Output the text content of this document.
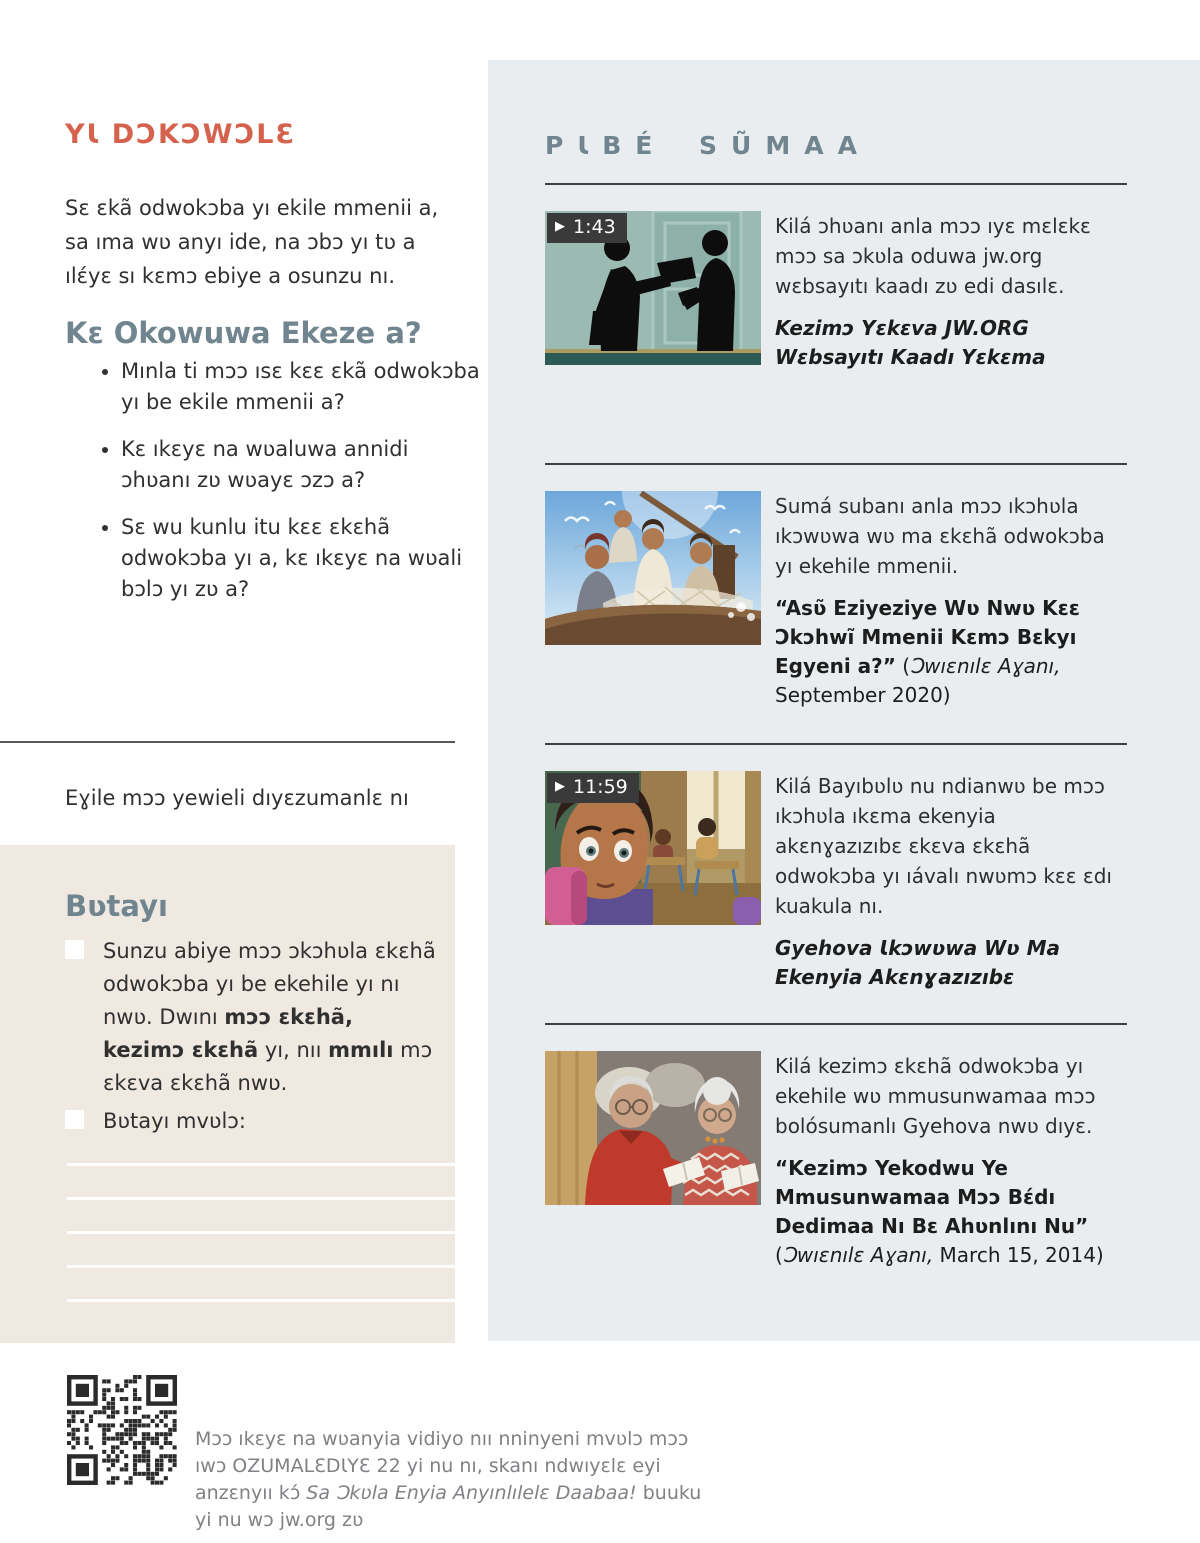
YƖ DƆKƆWƆLƐ

Sɛ ɛkã odwokɔba yı ekile mmenii a, sa ıma wʋ anyı ide, na ɔbɔ yı tʋ a ılɛ́yɛ sı kɛmɔ ebiye a osunzu nı.

Kɛ Okowuwa Ekeze a?
• Mınla ti mɔɔ ısɛ kɛɛ ɛkã odwokɔba yı be ekile mmenii a?
• Kɛ ıkɛyɛ na wʋaluwa annidi ɔhʋanı zʋ wʋayɛ ɔzɔ a?
• Sɛ wu kunlu itu kɛɛ ɛkɛhã odwokɔba yı a, kɛ ıkɛyɛ na wʋali bɔlɔ yı zʋ a?

Eɣile mɔɔ yewieli dıyɛzumanlɛ nı

Bʋtayı
Sunzu abiye mɔɔ ɔkɔhʋla ɛkɛhã odwokɔba yı be ekehile yı nı nwʋ. Dwını mɔɔ ɛkɛhã, kezimɔ ɛkɛhã yı, nıı mmılı mɔ ɛkɛva ɛkɛhã nwʋ.
Bʋtayı mvʋlɔ:
PƖBÉ SŨMAA
▶ 1:43	Kilá ɔhʋanı anla mɔɔ ıyɛ mɛlɛkɛ mɔɔ sa ɔkʋla oduwa jw.org wɛbsayıtı kaadı zʋ edi dasılɛ.

Kezimɔ Yɛkɛva JW.ORG Wɛbsayıtı Kaadı Yɛkɛma

Sumá subanı anla mɔɔ ıkɔhʋla ıkɔwʋwa wʋ ma ɛkɛhã odwokɔba yı ekehile mmenii.

“Asʋ̃ Eziyeziye Wʋ Nwʋ Kɛɛ Ɔkɔhwĩ Mmenii Kɛmɔ Bɛkyı Egyeni a?” (Ɔwıɛnılɛ Aɣanı, September 2020)

▶ 11:59	Kilá Bayıbʋlʋ nu ndianwʋ be mɔɔ ıkɔhʋla ıkɛma ekenyia akɛnɣazızıbɛ ɛkɛva ɛkɛhã odwokɔba yı ıávalı nwʋmɔ kɛɛ ɛdı kuakula nı.

Gyehova Ɩkɔwʋwa Wʋ Ma Ekenyia Akɛnɣazızıbɛ

Kilá kezimɔ ɛkɛhã odwokɔba yı ekehile wʋ mmusunwamaa mɔɔ bolósumanlı Gyehova nwʋ dıyɛ.

“Kezimɔ Yekodwu Ye Mmusunwamaa Mɔɔ Bɛ́dı Dedimaa Nı Bɛ Ahʋnlını Nu” (Ɔwıɛnılɛ Aɣanı, March 15, 2014)

Mɔɔ ıkɛyɛ na wʋanyia vidiyo nıı nninyeni mvʋlɔ mɔɔ ıwɔ OZUMALƐDƖYƐ 22 yi nu nı, skanı ndwıyɛlɛ eyi anzɛnyıı kɔ́ Sa Ɔkʋla Enyia Anyınlılelɛ Daabaa! buuku yi nu wɔ jw.org zʋ
